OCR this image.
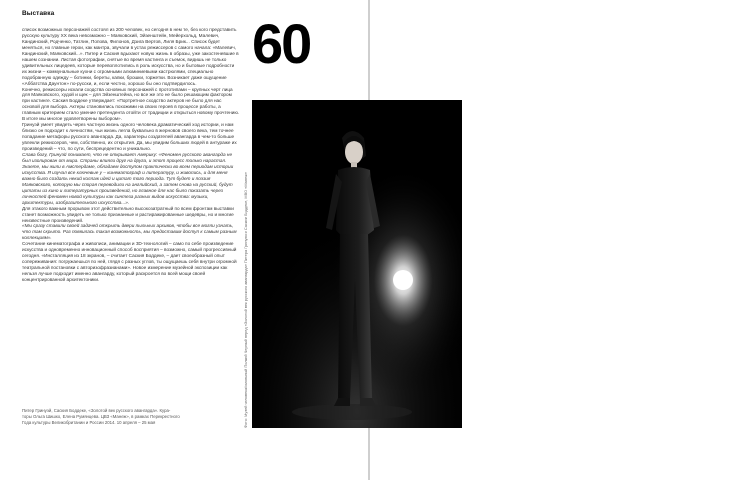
Выставка

список возможных персонажей состоял из 200 человек, но сегодня в нем те, без кого представить русскую культуру ХХ века невозможно – Маяковский, Эйзенштейн, Мейерхольд, Малевич, Кандинский, Родченко, Татлин, Попова, Филонов, Дзига Вертов, Лиля Брик... Список будет меняться, но главные герои, как мантра, звучали в устах режиссеров с самого начала: «Малевич, Кандинский, Маяковский...». Питер и Саския вдыхают новую жизнь в образы, уже закостеневшие в нашем сознании. Листая фотографии, снятые во время кастинга и съемок, видишь не только удивительных лицедеев, которые перевоплотились в роль искусства, но и бытовые подробности их жизни – коммунальные кухни с огромными алюминиевыми кастрюлями, специально подобранную одежду – ботинки, береты, капки, брошки, горжетки. Возникает даже ощущение «Аббатства Даунтон» по-русски, и, если честно, хорошо бы оно подтвердилось.

Конечно, режиссеры искали сходства основных персонажей с прототипами – крупных черт лица для Маяковского, худой и щек – для Эйзенштейна, но все же это не было решающим фактором при кастинге. Саския Боддеке утверждает: «Портретное сходство актеров не было для нас основой для выбора. Актеры становились похожими на своих героев в процессе работы, а главным критерием стало умение претендента отойти от традиции и открыться новому прочтению. В итоге мы многое удовлетворены выбором».

Гринуэй умеет увидеть через частную жизнь одного человека драматический ход истории, и нам близко он подходит к личностям, чьи жизнь легла буквально в жерновов своего века, тем точнее попадание метафоры русского авангарда. Да, характеры создателей авангарда в чем-то больше увлекли режиссеров, чем, собственно, их открытия. Да, мы увидим больших людей в антураже их произведений – что, по сути, беспрецедентно и уникально.

Слава богу, Гринуэй понимает, что не открывает Америку: «Феномен русского авангарда не был изолирован от мира. Страны влияли друг на друга, и этот процесс только нарастал. Знаете, мы жили в Амстердаме, обладаем доступом практически во всем периодам истории искусства. Я изучал все ключевые у – кинематограф и литературу, и живопись, и для меня важно было создать некий коллаж идей и цитат того периода. Тут будет и поэзия Маяковского, которую мы спорая переводили на английский, а затем снова на русский, будут цитаты из кино и литературных произведений, но главное для нас было показать через личностей феномен новой культуры как синтеза разных видов искусства: музыки, архитектуры, изобразительного искусства...».

Для этакого важным прорывом этот действительно высокозатратный по всем фронтам выставки станет возможность увидеть не только признанные и растиражированные шедевры, но и многие неизвестные произведений.

«Мы сразу ставили своей задачей открыть двери пыльных архивов, чтобы все могли узнать, что там скрыто. Раз появилась такая возможность, мы предоставим доступ к самым разным коллекциям».

Сочетание кинематографа и живописи, анимации и 3D-технологий – само по себе произведение искусства и одновременно инновационный способ восприятия – возможно, самый прогрессивный сегодня. «Инсталляция из 18 экранов, – считает Саския Боддеке, – дает своеобразный опыт сопереживания: погружаешься по ней, глядя с разных углов, ты ощущаешь себя внутри огромной театральной постановки с авторизофразианами». Новое измерение музейной экспозиции как нельзя лучше подходит именно авангарду, который раскроется во всей мощи своей концентрированной архитектоники.

Питер Гринуэй, Саския Боддеке, «Золотой век русского авангарда». Кура-
торы Ольга Шишко, Елена Румянцева. ЦВЗ «Манеж», в рамках Перекрестного
Года культуры Великобритании и России 2014. 10 апреля – 25 мая
60
Фото: Музей человека/смольный Полкий Черный перед «Золотой век русского авангарда» Питера Гринуэя и Саскии Боддеке, МВО «Манеж»
